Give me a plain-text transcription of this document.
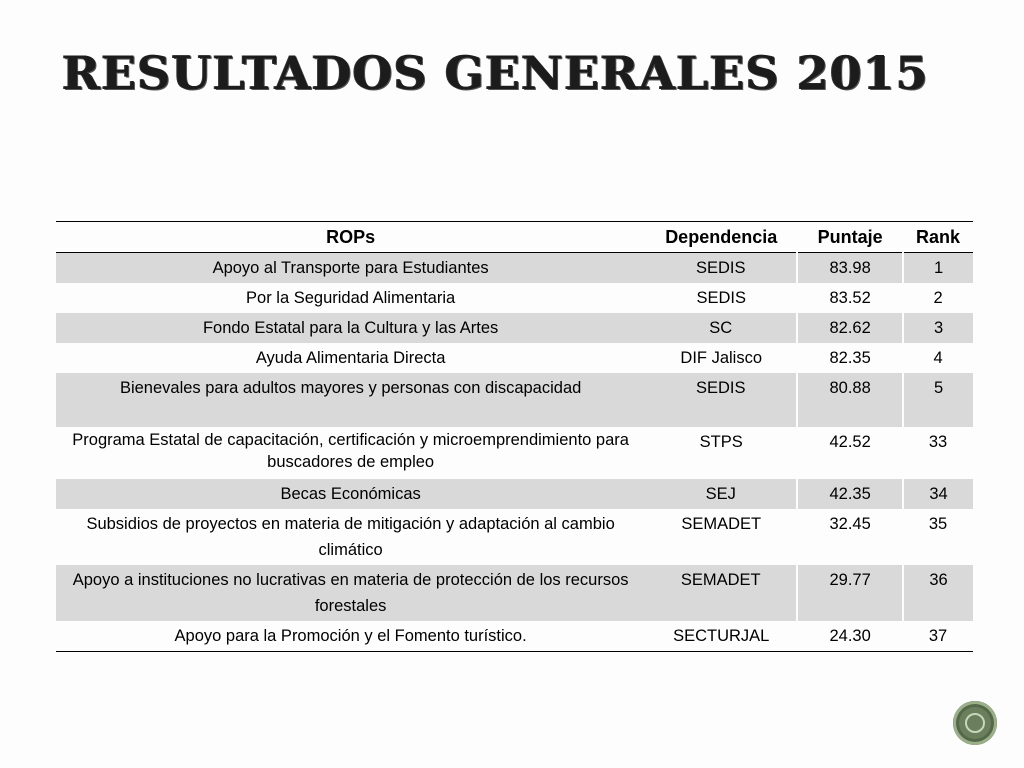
RESULTADOS GENERALES 2015
ROPs	Dependencia	Puntaje	Rank
Apoyo al Transporte para Estudiantes	SEDIS	83.98	1
Por la Seguridad Alimentaria	SEDIS	83.52	2
Fondo Estatal para la Cultura y las Artes	SC	82.62	3
Ayuda Alimentaria Directa	DIF Jalisco	82.35	4
Bienevales para adultos mayores y personas con discapacidad	SEDIS	80.88	5
Programa Estatal de capacitación, certificación y microemprendimiento para buscadores de empleo	STPS	42.52	33
Becas Económicas	SEJ	42.35	34
Subsidios de proyectos en materia de mitigación y adaptación al cambio climático	SEMADET	32.45	35
Apoyo a instituciones no lucrativas en materia de protección de los recursos forestales	SEMADET	29.77	36
Apoyo para la Promoción y el Fomento turístico.	SECTURJAL	24.30	37
